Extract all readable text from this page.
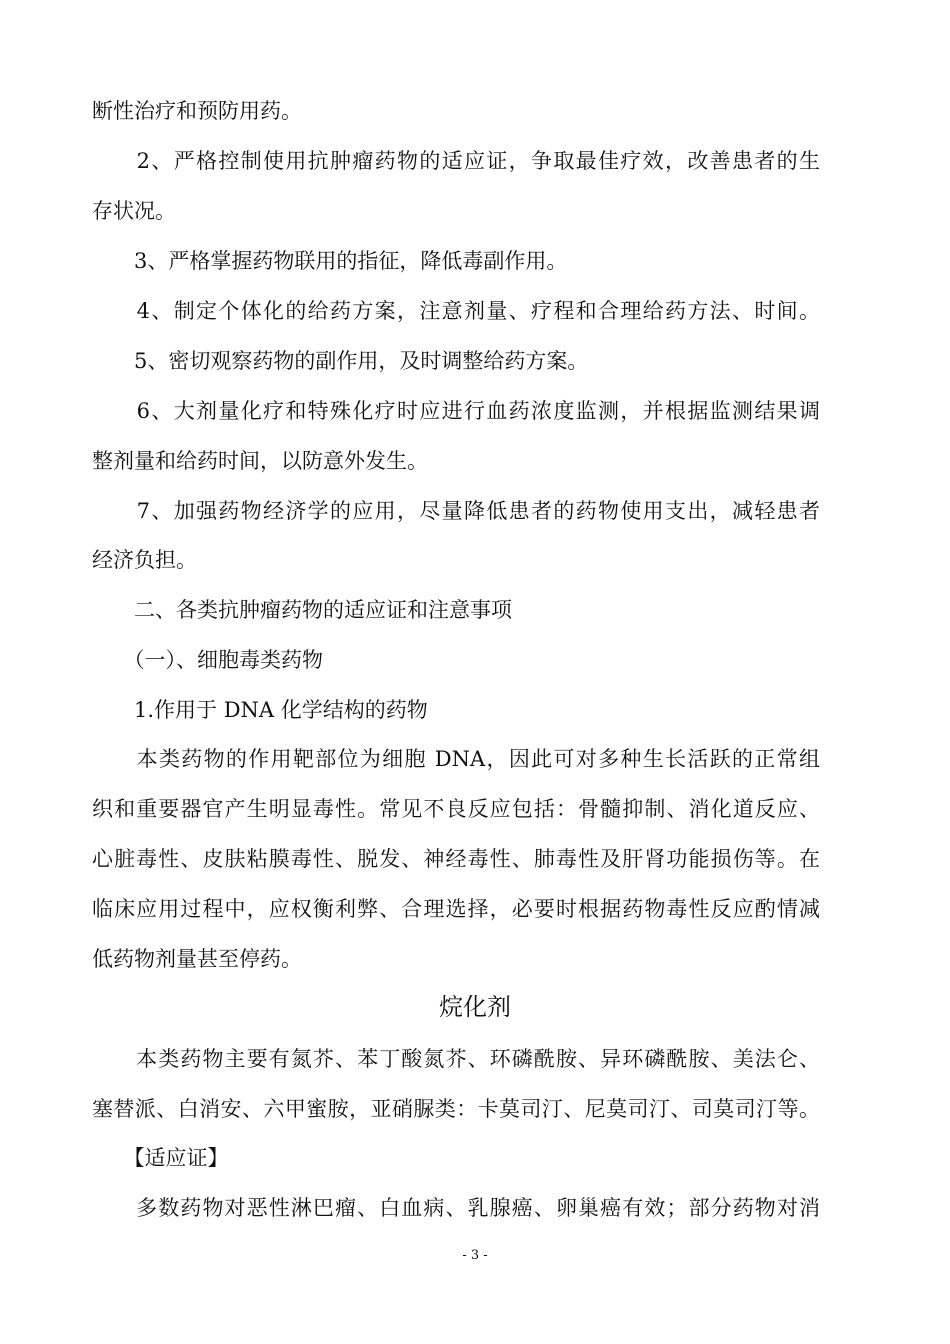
断性治疗和预防用药。
　　2、严格控制使用抗肿瘤药物的适应证，争取最佳疗效，改善患者的生
存状况。
　　3、严格掌握药物联用的指征，降低毒副作用。
　　4、制定个体化的给药方案，注意剂量、疗程和合理给药方法、时间。
　　5、密切观察药物的副作用，及时调整给药方案。
　　6、大剂量化疗和特殊化疗时应进行血药浓度监测，并根据监测结果调
整剂量和给药时间，以防意外发生。
　　7、加强药物经济学的应用，尽量降低患者的药物使用支出，减轻患者
经济负担。
　　二、各类抗肿瘤药物的适应证和注意事项
　　（一）、细胞毒类药物
　　1.作用于 DNA 化学结构的药物
　　本类药物的作用靶部位为细胞 DNA，因此可对多种生长活跃的正常组
织和重要器官产生明显毒性。常见不良反应包括：骨髓抑制、消化道反应、
心脏毒性、皮肤粘膜毒性、脱发、神经毒性、肺毒性及肝肾功能损伤等。在
临床应用过程中，应权衡利弊、合理选择，必要时根据药物毒性反应酌情减
低药物剂量甚至停药。
烷化剂
　　本类药物主要有氮芥、苯丁酸氮芥、环磷酰胺、异环磷酰胺、美法仑、
塞替派、白消安、六甲蜜胺，亚硝脲类：卡莫司汀、尼莫司汀、司莫司汀等。
　　【适应证】
　　多数药物对恶性淋巴瘤、白血病、乳腺癌、卵巢癌有效；部分药物对消
- 3 -
